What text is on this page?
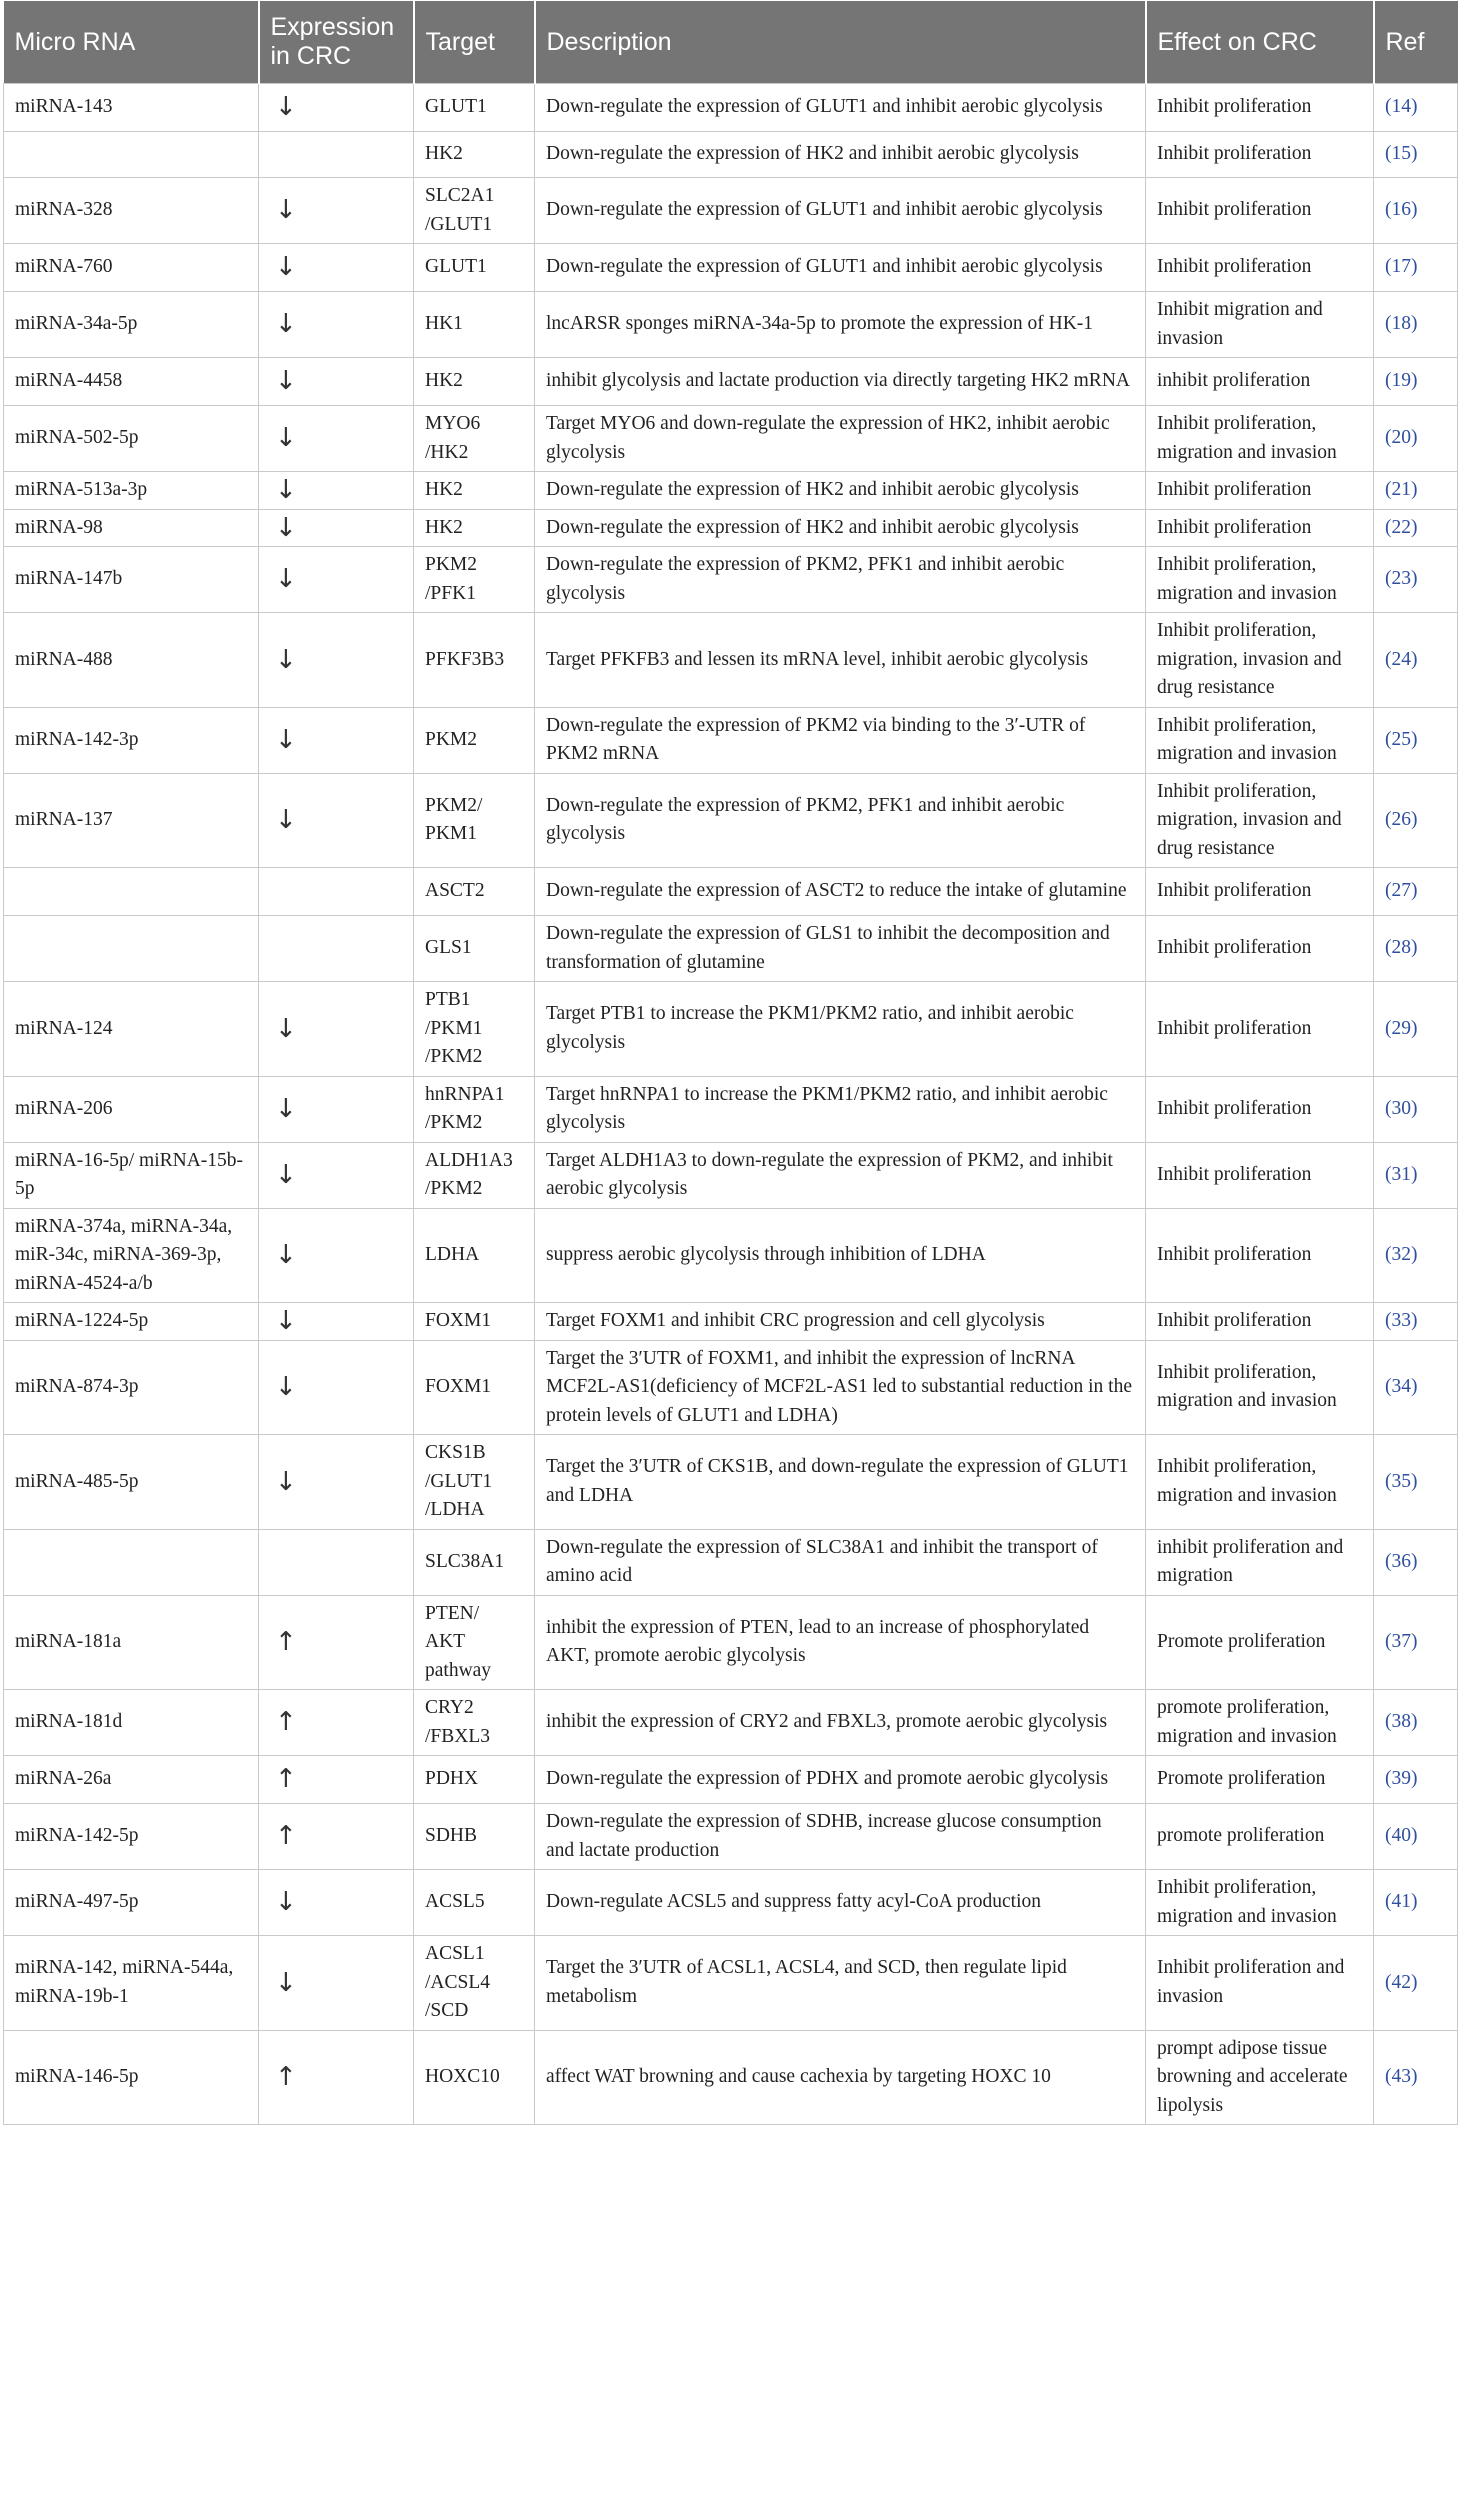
Micro RNA	Expression in CRC	Target	Description	Effect on CRC	Ref
miRNA-143	↓	GLUT1	Down-regulate the expression of GLUT1 and inhibit aerobic glycolysis	Inhibit proliferation	(14)
		HK2	Down-regulate the expression of HK2 and inhibit aerobic glycolysis	Inhibit proliferation	(15)
miRNA-328	↓	SLC2A1 /GLUT1	Down-regulate the expression of GLUT1 and inhibit aerobic glycolysis	Inhibit proliferation	(16)
miRNA-760	↓	GLUT1	Down-regulate the expression of GLUT1 and inhibit aerobic glycolysis	Inhibit proliferation	(17)
miRNA-34a-5p	↓	HK1	lncARSR sponges miRNA-34a-5p to promote the expression of HK-1	Inhibit migration and invasion	(18)
miRNA-4458	↓	HK2	inhibit glycolysis and lactate production via directly targeting HK2 mRNA	inhibit proliferation	(19)
miRNA-502-5p	↓	MYO6 /HK2	Target MYO6 and down-regulate the expression of HK2, inhibit aerobic glycolysis	Inhibit proliferation, migration and invasion	(20)
miRNA-513a-3p	↓	HK2	Down-regulate the expression of HK2 and inhibit aerobic glycolysis	Inhibit proliferation	(21)
miRNA-98	↓	HK2	Down-regulate the expression of HK2 and inhibit aerobic glycolysis	Inhibit proliferation	(22)
miRNA-147b	↓	PKM2 /PFK1	Down-regulate the expression of PKM2, PFK1 and inhibit aerobic glycolysis	Inhibit proliferation, migration and invasion	(23)
miRNA-488	↓	PFKF3B3	Target PFKFB3 and lessen its mRNA level, inhibit aerobic glycolysis	Inhibit proliferation, migration, invasion and drug resistance	(24)
miRNA-142-3p	↓	PKM2	Down-regulate the expression of PKM2 via binding to the 3′-UTR of PKM2 mRNA	Inhibit proliferation, migration and invasion	(25)
miRNA-137	↓	PKM2/ PKM1	Down-regulate the expression of PKM2, PFK1 and inhibit aerobic glycolysis	Inhibit proliferation, migration, invasion and drug resistance	(26)
		ASCT2	Down-regulate the expression of ASCT2 to reduce the intake of glutamine	Inhibit proliferation	(27)
		GLS1	Down-regulate the expression of GLS1 to inhibit the decomposition and transformation of glutamine	Inhibit proliferation	(28)
miRNA-124	↓	PTB1 /PKM1 /PKM2	Target PTB1 to increase the PKM1/PKM2 ratio, and inhibit aerobic glycolysis	Inhibit proliferation	(29)
miRNA-206	↓	hnRNPA1 /PKM2	Target hnRNPA1 to increase the PKM1/PKM2 ratio, and inhibit aerobic glycolysis	Inhibit proliferation	(30)
miRNA-16-5p/ miRNA-15b-5p	↓	ALDH1A3 /PKM2	Target ALDH1A3 to down-regulate the expression of PKM2, and inhibit aerobic glycolysis	Inhibit proliferation	(31)
miRNA-374a, miRNA-34a, miR-34c, miRNA-369-3p, miRNA-4524-a/b	↓	LDHA	suppress aerobic glycolysis through inhibition of LDHA	Inhibit proliferation	(32)
miRNA-1224-5p	↓	FOXM1	Target FOXM1 and inhibit CRC progression and cell glycolysis	Inhibit proliferation	(33)
miRNA-874-3p	↓	FOXM1	Target the 3′UTR of FOXM1, and inhibit the expression of lncRNA MCF2L-AS1(deficiency of MCF2L-AS1 led to substantial reduction in the protein levels of GLUT1 and LDHA)	Inhibit proliferation, migration and invasion	(34)
miRNA-485-5p	↓	CKS1B /GLUT1 /LDHA	Target the 3′UTR of CKS1B, and down-regulate the expression of GLUT1 and LDHA	Inhibit proliferation, migration and invasion	(35)
		SLC38A1	Down-regulate the expression of SLC38A1 and inhibit the transport of amino acid	inhibit proliferation and migration	(36)
miRNA-181a	↑	PTEN/ AKT pathway	inhibit the expression of PTEN, lead to an increase of phosphorylated AKT, promote aerobic glycolysis	Promote proliferation	(37)
miRNA-181d	↑	CRY2 /FBXL3	inhibit the expression of CRY2 and FBXL3, promote aerobic glycolysis	promote proliferation, migration and invasion	(38)
miRNA-26a	↑	PDHX	Down-regulate the expression of PDHX and promote aerobic glycolysis	Promote proliferation	(39)
miRNA-142-5p	↑	SDHB	Down-regulate the expression of SDHB, increase glucose consumption and lactate production	promote proliferation	(40)
miRNA-497-5p	↓	ACSL5	Down-regulate ACSL5 and suppress fatty acyl-CoA production	Inhibit proliferation, migration and invasion	(41)
miRNA-142, miRNA-544a, miRNA-19b-1	↓	ACSL1 /ACSL4 /SCD	Target the 3′UTR of ACSL1, ACSL4, and SCD, then regulate lipid metabolism	Inhibit proliferation and invasion	(42)
miRNA-146-5p	↑	HOXC10	affect WAT browning and cause cachexia by targeting HOXC 10	prompt adipose tissue browning and accelerate lipolysis	(43)
